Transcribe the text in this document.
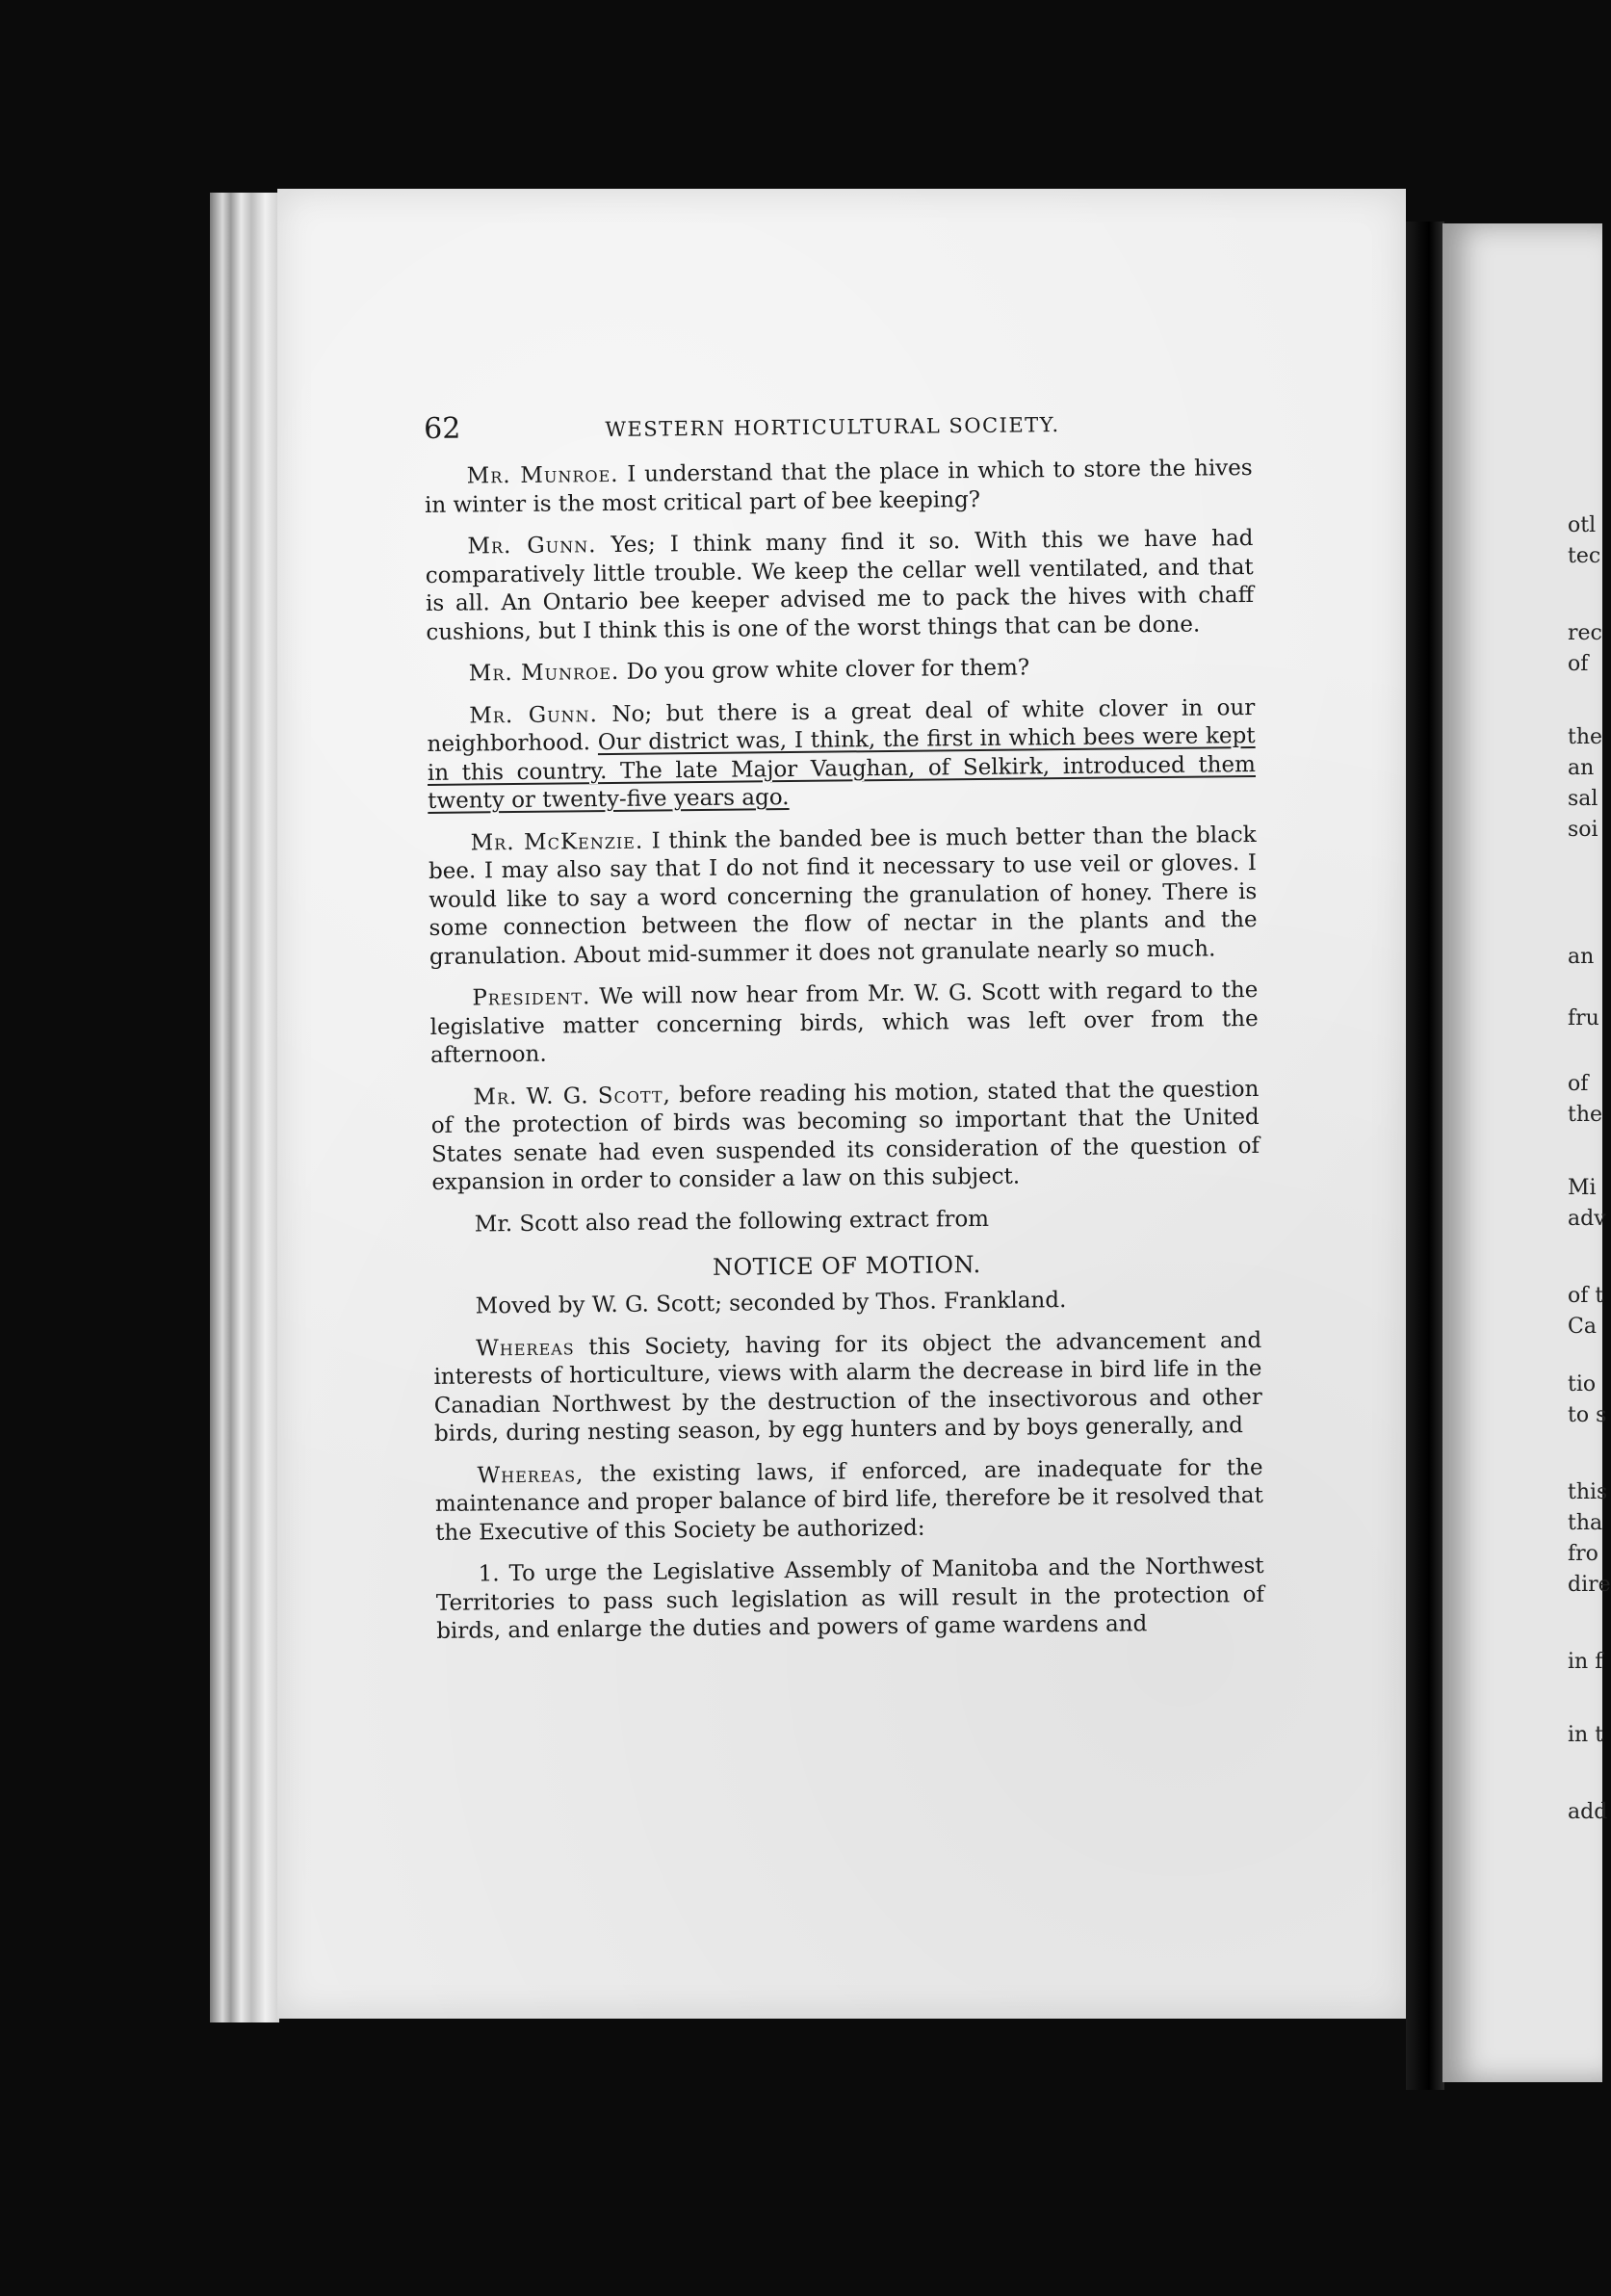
otl
tec
rec
of
the
an
sal
soi
an
fru
of
the
Mi
adv
of t
Ca
tio
to s
this
tha
fro
dire
in f
in t
add
62	WESTERN HORTICULTURAL SOCIETY.

Mr. Munroe. I understand that the place in which to store the hives in winter is the most critical part of bee keeping?

Mr. Gunn. Yes; I think many find it so. With this we have had comparatively little trouble. We keep the cellar well ventilated, and that is all. An Ontario bee keeper advised me to pack the hives with chaff cushions, but I think this is one of the worst things that can be done.

Mr. Munroe. Do you grow white clover for them?

Mr. Gunn. No; but there is a great deal of white clover in our neighborhood. Our district was, I think, the first in which bees were kept in this country. The late Major Vaughan, of Selkirk, introduced them twenty or twenty-five years ago.

Mr. McKenzie. I think the banded bee is much better than the black bee. I may also say that I do not find it necessary to use veil or gloves. I would like to say a word concerning the granulation of honey. There is some connection between the flow of nectar in the plants and the granulation. About mid-summer it does not granulate nearly so much.

President. We will now hear from Mr. W. G. Scott with regard to the legislative matter concerning birds, which was left over from the afternoon.

Mr. W. G. Scott, before reading his motion, stated that the question of the protection of birds was becoming so important that the United States senate had even suspended its consideration of the question of expansion in order to consider a law on this subject.

Mr. Scott also read the following extract from

NOTICE OF MOTION.

Moved by W. G. Scott; seconded by Thos. Frankland.

Whereas this Society, having for its object the advancement and interests of horticulture, views with alarm the decrease in bird life in the Canadian Northwest by the destruction of the insectivorous and other birds, during nesting season, by egg hunters and by boys generally, and

Whereas, the existing laws, if enforced, are inadequate for the maintenance and proper balance of bird life, therefore be it resolved that the Executive of this Society be authorized:

1. To urge the Legislative Assembly of Manitoba and the Northwest Territories to pass such legislation as will result in the protection of birds, and enlarge the duties and powers of game wardens and
